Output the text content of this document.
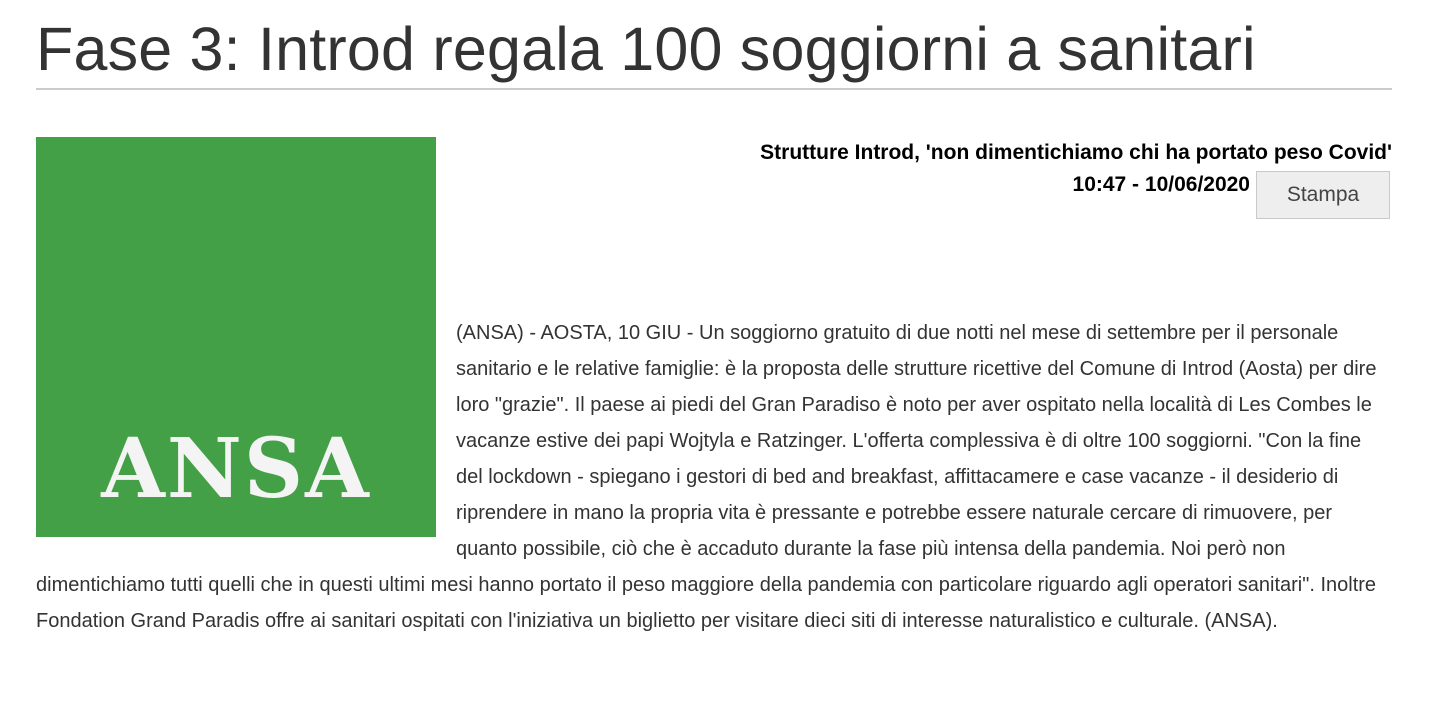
Fase 3: Introd regala 100 soggiorni a sanitari
ANSA
Strutture Introd, 'non dimentichiamo chi ha portato peso Covid'
10:47 - 10/06/2020	Stampa

(ANSA) - AOSTA, 10 GIU - Un soggiorno gratuito di due notti nel mese di settembre per il personale sanitario e le relative famiglie: è la proposta delle strutture ricettive del Comune di Introd (Aosta) per dire loro "grazie". Il paese ai piedi del Gran Paradiso è noto per aver ospitato nella località di Les Combes le vacanze estive dei papi Wojtyla e Ratzinger. L'offerta complessiva è di oltre 100 soggiorni. "Con la fine del lockdown - spiegano i gestori di bed and breakfast, affittacamere e case vacanze - il desiderio di riprendere in mano la propria vita è pressante e potrebbe essere naturale cercare di rimuovere, per quanto possibile, ciò che è accaduto durante la fase più intensa della pandemia. Noi però non dimentichiamo tutti quelli che in questi ultimi mesi hanno portato il peso maggiore della pandemia con particolare riguardo agli operatori sanitari". Inoltre Fondation Grand Paradis offre ai sanitari ospitati con l'iniziativa un biglietto per visitare dieci siti di interesse naturalistico e culturale. (ANSA).
